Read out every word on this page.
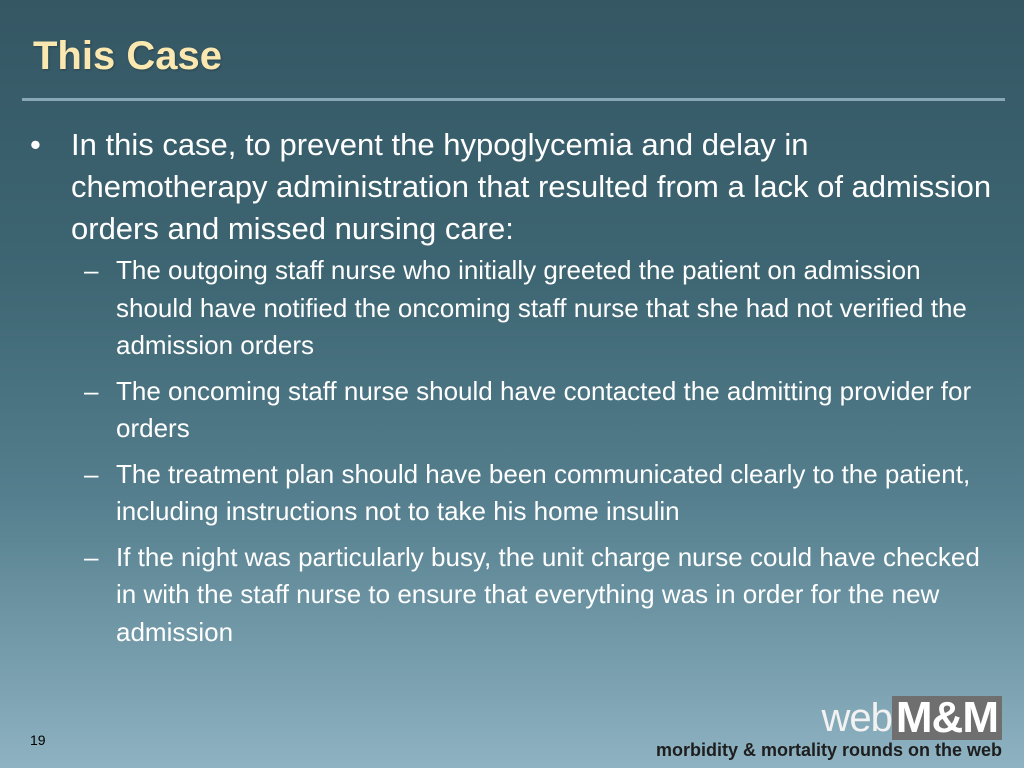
This Case
• In this case, to prevent the hypoglycemia and delay in chemotherapy administration that resulted from a lack of admission orders and missed nursing care:
– The outgoing staff nurse who initially greeted the patient on admission should have notified the oncoming staff nurse that she had not verified the admission orders
– The oncoming staff nurse should have contacted the admitting provider for orders
– The treatment plan should have been communicated clearly to the patient, including instructions not to take his home insulin
– If the night was particularly busy, the unit charge nurse could have checked in with the staff nurse to ensure that everything was in order for the new admission
19	webM&M
morbidity & mortality rounds on the web
